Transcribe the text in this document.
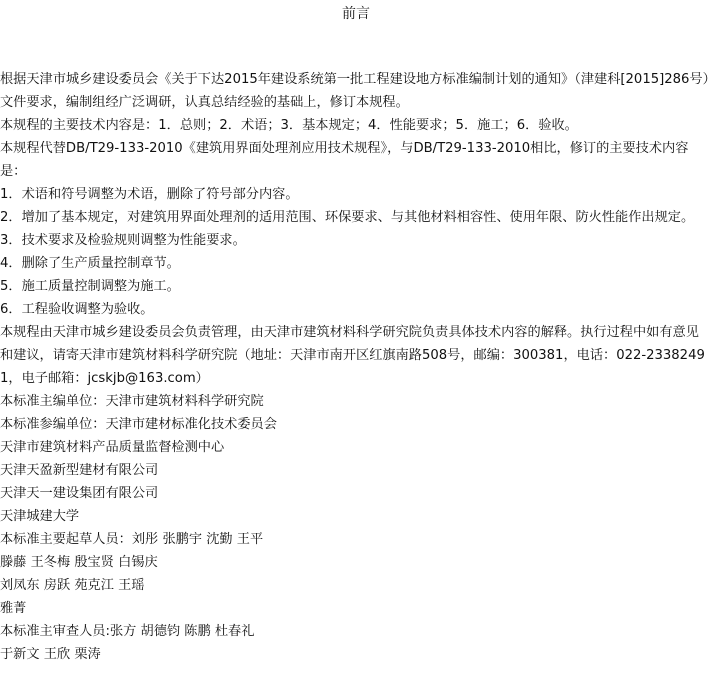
前言

根据天津市城乡建设委员会《关于下达2015年建设系统第一批工程建设地方标准编制计划的通知》（津建科[2015]286号）文件要求，编制组经广泛调研，认真总结经验的基础上，修订本规程。

本规程的主要技术内容是：1．总则；2．术语；3．基本规定；4．性能要求；5．施工；6．验收。

本规程代替DB/T29-133-2010《建筑用界面处理剂应用技术规程》，与DB/T29-133-2010相比，修订的主要技术内容是：

1．术语和符号调整为术语，删除了符号部分内容。

2．增加了基本规定，对建筑用界面处理剂的适用范围、环保要求、与其他材料相容性、使用年限、防火性能作出规定。

3．技术要求及检验规则调整为性能要求。

4．删除了生产质量控制章节。

5．施工质量控制调整为施工。

6．工程验收调整为验收。

本规程由天津市城乡建设委员会负责管理，由天津市建筑材料科学研究院负责具体技术内容的解释。执行过程中如有意见和建议，请寄天津市建筑材料科学研究院（地址：天津市南开区红旗南路508号，邮编：300381，电话：022-23382491，电子邮箱：jcskjb@163.com）

本标准主编单位：天津市建筑材料科学研究院

本标准参编单位：天津市建材标准化技术委员会

天津市建筑材料产品质量监督检测中心

天津天盈新型建材有限公司

天津天一建设集团有限公司

天津城建大学

本标准主要起草人员：刘彤 张鹏宇 沈勤 王平

滕藤 王冬梅 殷宝贤 白锡庆

刘凤东 房跃 苑克江 王瑶

雅菁

本标准主审查人员:张方 胡德钧 陈鹏 杜春礼

于新文 王欣 栗涛
